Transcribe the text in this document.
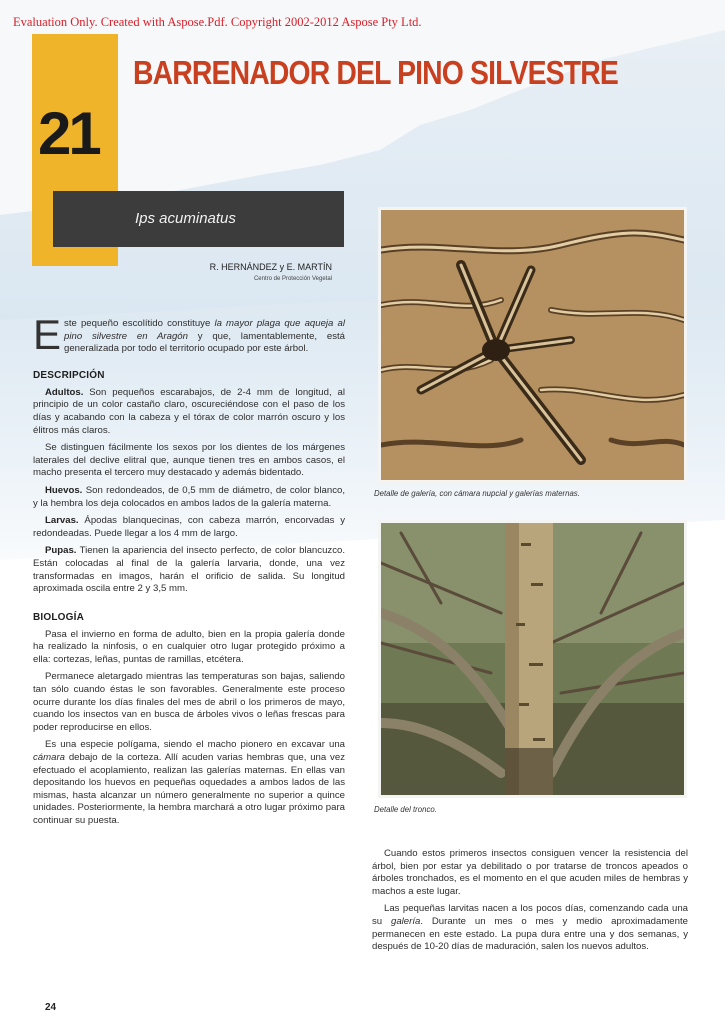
Evaluation Only. Created with Aspose.Pdf. Copyright 2002-2012 Aspose Pty Ltd.
21
BARRENADOR DEL PINO SILVESTRE
Ips acuminatus
R. HERNÁNDEZ y E. MARTÍN
Centro de Protección Vegetal

Este pequeño escolítido constituye la mayor plaga que aqueja al pino silvestre en Aragón y que, lamentablemente, está generalizada por todo el territorio ocupado por este árbol.

DESCRIPCIÓN

Adultos. Son pequeños escarabajos, de 2-4 mm de longitud, al principio de un color castaño claro, oscureciéndose con el paso de los días y acabando con la cabeza y el tórax de color marrón oscuro y los élitros más claros.

Se distinguen fácilmente los sexos por los dientes de los márgenes laterales del declive elitral que, aunque tienen tres en ambos casos, el macho presenta el tercero muy destacado y además bidentado.

Huevos. Son redondeados, de 0,5 mm de diámetro, de color blanco, y la hembra los deja colocados en ambos lados de la galería materna.

Larvas. Ápodas blanquecinas, con cabeza marrón, encorvadas y redondeadas. Puede llegar a los 4 mm de largo.

Pupas. Tienen la apariencia del insecto perfecto, de color blancuzco. Están colocadas al final de la galería larvaria, donde, una vez transformadas en imagos, harán el orificio de salida. Su longitud aproximada oscila entre 2 y 3,5 mm.

BIOLOGÍA

Pasa el invierno en forma de adulto, bien en la propia galería donde ha realizado la ninfosis, o en cualquier otro lugar protegido próximo a ella: cortezas, leñas, puntas de ramillas, etcétera.

Permanece aletargado mientras las temperaturas son bajas, saliendo tan sólo cuando éstas le son favorables. Generalmente este proceso ocurre durante los días finales del mes de abril o los primeros de mayo, cuando los insectos van en busca de árboles vivos o leñas frescas para poder reproducirse en ellos.

Es una especie polígama, siendo el macho pionero en excavar una cámara debajo de la corteza. Allí acuden varias hembras que, una vez efectuado el acoplamiento, realizan las galerías maternas. En ellas van depositando los huevos en pequeñas oquedades a ambos lados de las mismas, hasta alcanzar un número generalmente no superior a quince unidades. Posteriormente, la hembra marchará a otro lugar próximo para continuar su puesta.

Detalle de galería, con cámara nupcial y galerías maternas.
Detalle del tronco.

Cuando estos primeros insectos consiguen vencer la resistencia del árbol, bien por estar ya debilitado o por tratarse de troncos apeados o árboles tronchados, es el momento en el que acuden miles de hembras y machos a este lugar.

Las pequeñas larvitas nacen a los pocos días, comenzando cada una su galería. Durante un mes o mes y medio aproximadamente permanecen en este estado. La pupa dura entre una y dos semanas, y después de 10-20 días de maduración, salen los nuevos adultos.

24
